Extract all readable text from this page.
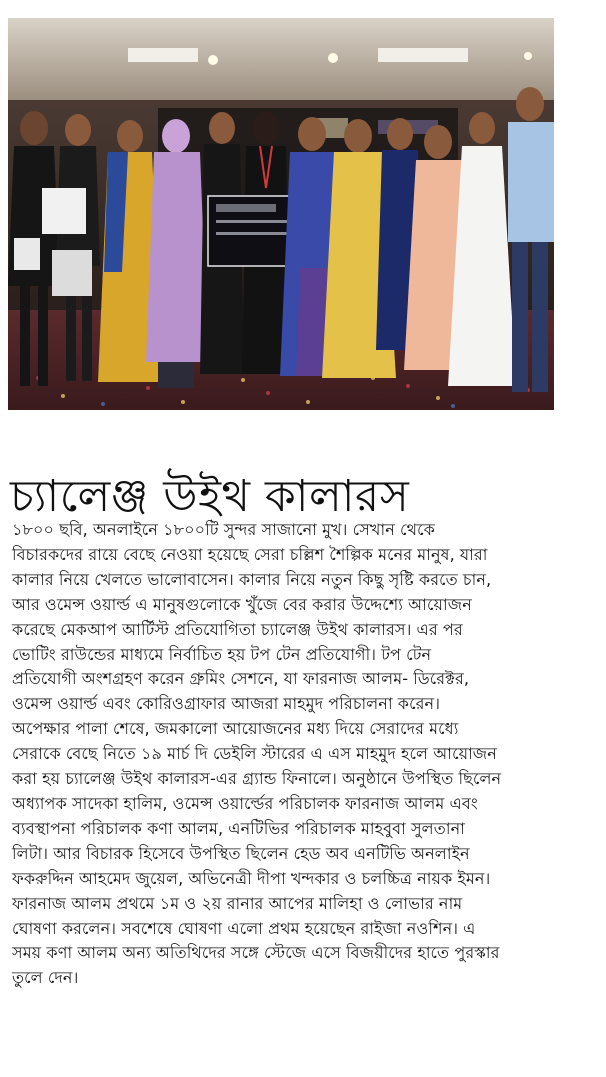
চ্যালেঞ্জ উইথ কালারস

১৮০০ ছবি, অনলাইনে ১৮০০টি সুন্দর সাজানো মুখ। সেখান থেকে

বিচারকদের রায়ে বেছে নেওয়া হয়েছে সেরা চল্লিশ শৈল্পিক মনের মানুষ, যারা

কালার নিয়ে খেলতে ভালোবাসেন। কালার নিয়ে নতুন কিছু সৃষ্টি করতে চান,

আর ওমেন্স ওয়ার্ল্ড এ মানুষগুলোকে খুঁজে বের করার উদ্দেশ্যে আয়োজন

করেছে মেকআপ আর্টিস্ট প্রতিযোগিতা চ্যালেঞ্জ উইথ কালারস। এর পর

ভোটিং রাউন্ডের মাধ্যমে নির্বাচিত হয় টপ টেন প্রতিযোগী। টপ টেন

প্রতিযোগী অংশগ্রহণ করেন গ্রুমিং সেশনে, যা ফারনাজ আলম- ডিরেক্টর,

ওমেন্স ওয়ার্ল্ড এবং কোরিওগ্রাফার আজরা মাহমুদ পরিচালনা করেন।

অপেক্ষার পালা শেষে, জমকালো আয়োজনের মধ্য দিয়ে সেরাদের মধ্যে

সেরাকে বেছে নিতে ১৯ মার্চ দি ডেইলি স্টারের এ এস মাহমুদ হলে আয়োজন

করা হয় চ্যালেঞ্জ উইথ কালারস-এর গ্র্যান্ড ফিনালে। অনুষ্ঠানে উপস্থিত ছিলেন

অধ্যাপক সাদেকা হালিম, ওমেন্স ওয়ার্ল্ডের পরিচালক ফারনাজ আলম এবং

ব্যবস্থাপনা পরিচালক কণা আলম, এনটিভির পরিচালক মাহবুবা সুলতানা

লিটা। আর বিচারক হিসেবে উপস্থিত ছিলেন হেড অব এনটিভি অনলাইন

ফকরুদ্দিন আহমেদ জুয়েল, অভিনেত্রী দীপা খন্দকার ও চলচ্চিত্র নায়ক ইমন।

ফারনাজ আলম প্রথমে ১ম ও ২য় রানার আপের মালিহা ও লোভার নাম

ঘোষণা করলেন। সবশেষে ঘোষণা এলো প্রথম হয়েছেন রাইজা নওশিন। এ

সময় কণা আলম অন্য অতিথিদের সঙ্গে স্টেজে এসে বিজয়ীদের হাতে পুরস্কার

তুলে দেন।
